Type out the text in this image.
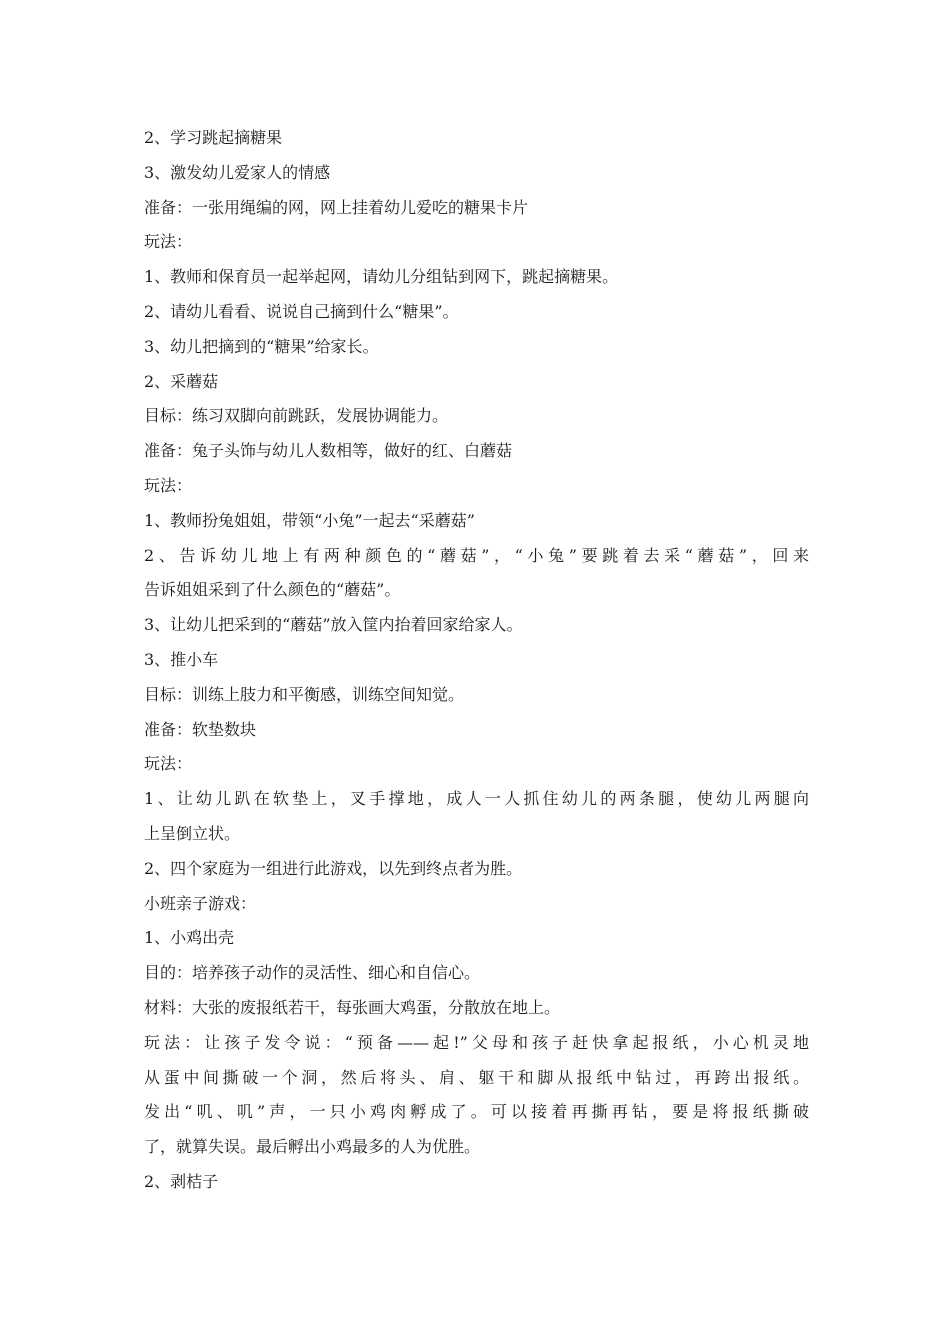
2、学习跳起摘糖果
3、激发幼儿爱家人的情感
准备：一张用绳编的网，网上挂着幼儿爱吃的糖果卡片
玩法：
1、教师和保育员一起举起网，请幼儿分组钻到网下，跳起摘糖果。
2、请幼儿看看、说说自己摘到什么“糖果”。
3、幼儿把摘到的“糖果”给家长。
2、采蘑菇
目标：练习双脚向前跳跃，发展协调能力。
准备：兔子头饰与幼儿人数相等，做好的红、白蘑菇
玩法：
1、教师扮兔姐姐，带领“小兔”一起去“采蘑菇”
2、告诉幼儿地上有两种颜色的“蘑菇”，“小兔”要跳着去采“蘑菇”，回来
告诉姐姐采到了什么颜色的“蘑菇”。
3、让幼儿把采到的“蘑菇”放入筐内抬着回家给家人。
3、推小车
目标：训练上肢力和平衡感，训练空间知觉。
准备：软垫数块
玩法：
1、让幼儿趴在软垫上，叉手撑地，成人一人抓住幼儿的两条腿，使幼儿两腿向
上呈倒立状。
2、四个家庭为一组进行此游戏，以先到终点者为胜。
小班亲子游戏：
1、小鸡出壳
目的：培养孩子动作的灵活性、细心和自信心。
材料：大张的废报纸若干，每张画大鸡蛋，分散放在地上。
玩法：让孩子发令说：“预备——起!”父母和孩子赶快拿起报纸，小心机灵地
从蛋中间撕破一个洞，然后将头、肩、躯干和脚从报纸中钻过，再跨出报纸。
发出“叽、叽”声，一只小鸡肉孵成了。可以接着再撕再钻，要是将报纸撕破
了，就算失误。最后孵出小鸡最多的人为优胜。
2、剥桔子
